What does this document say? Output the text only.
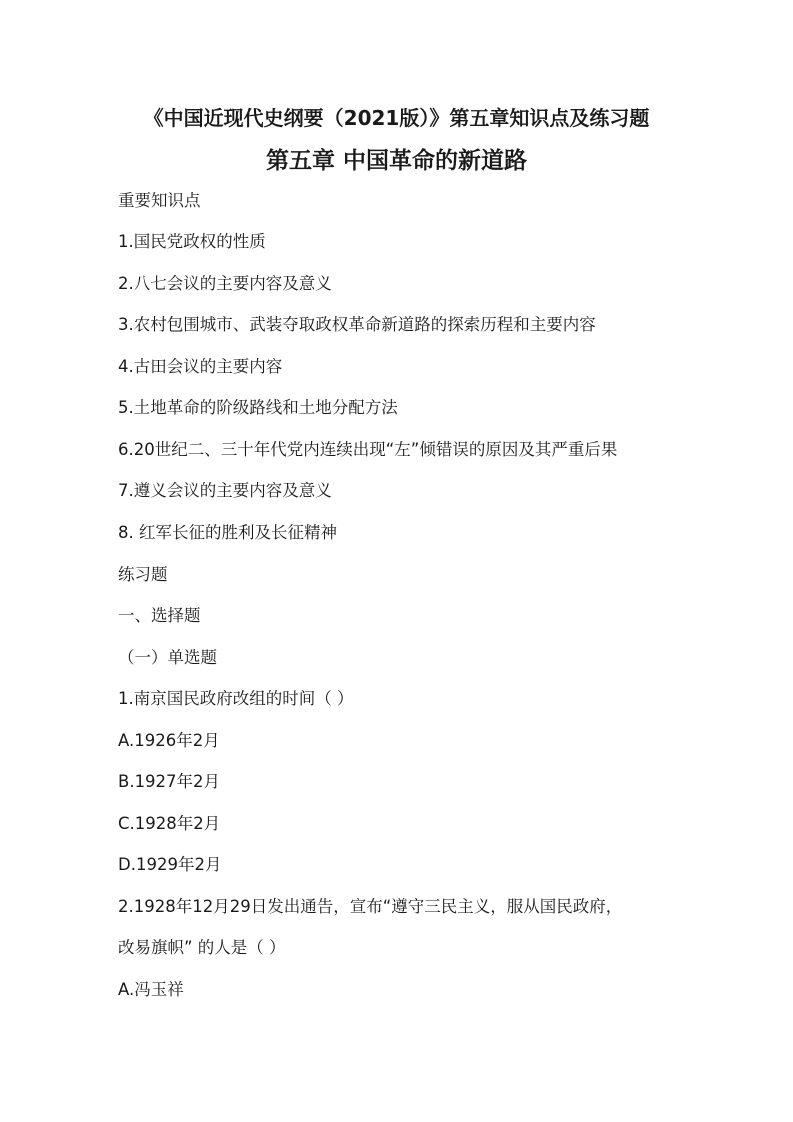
《中国近现代史纲要（2021版）》第五章知识点及练习题
第五章 中国革命的新道路

重要知识点

1.国民党政权的性质

2.八七会议的主要内容及意义

3.农村包围城市、武装夺取政权革命新道路的探索历程和主要内容

4.古田会议的主要内容

5.土地革命的阶级路线和土地分配方法

6.20世纪二、三十年代党内连续出现“左”倾错误的原因及其严重后果

7.遵义会议的主要内容及意义

8. 红军长征的胜利及长征精神

练习题

一、选择题

（一）单选题

1.南京国民政府改组的时间（ ）

A.1926年2月

B.1927年2月

C.1928年2月

D.1929年2月

2.1928年12月29日发出通告，宣布“遵守三民主义，服从国民政府，

改易旗帜” 的人是（ ）

A.冯玉祥
